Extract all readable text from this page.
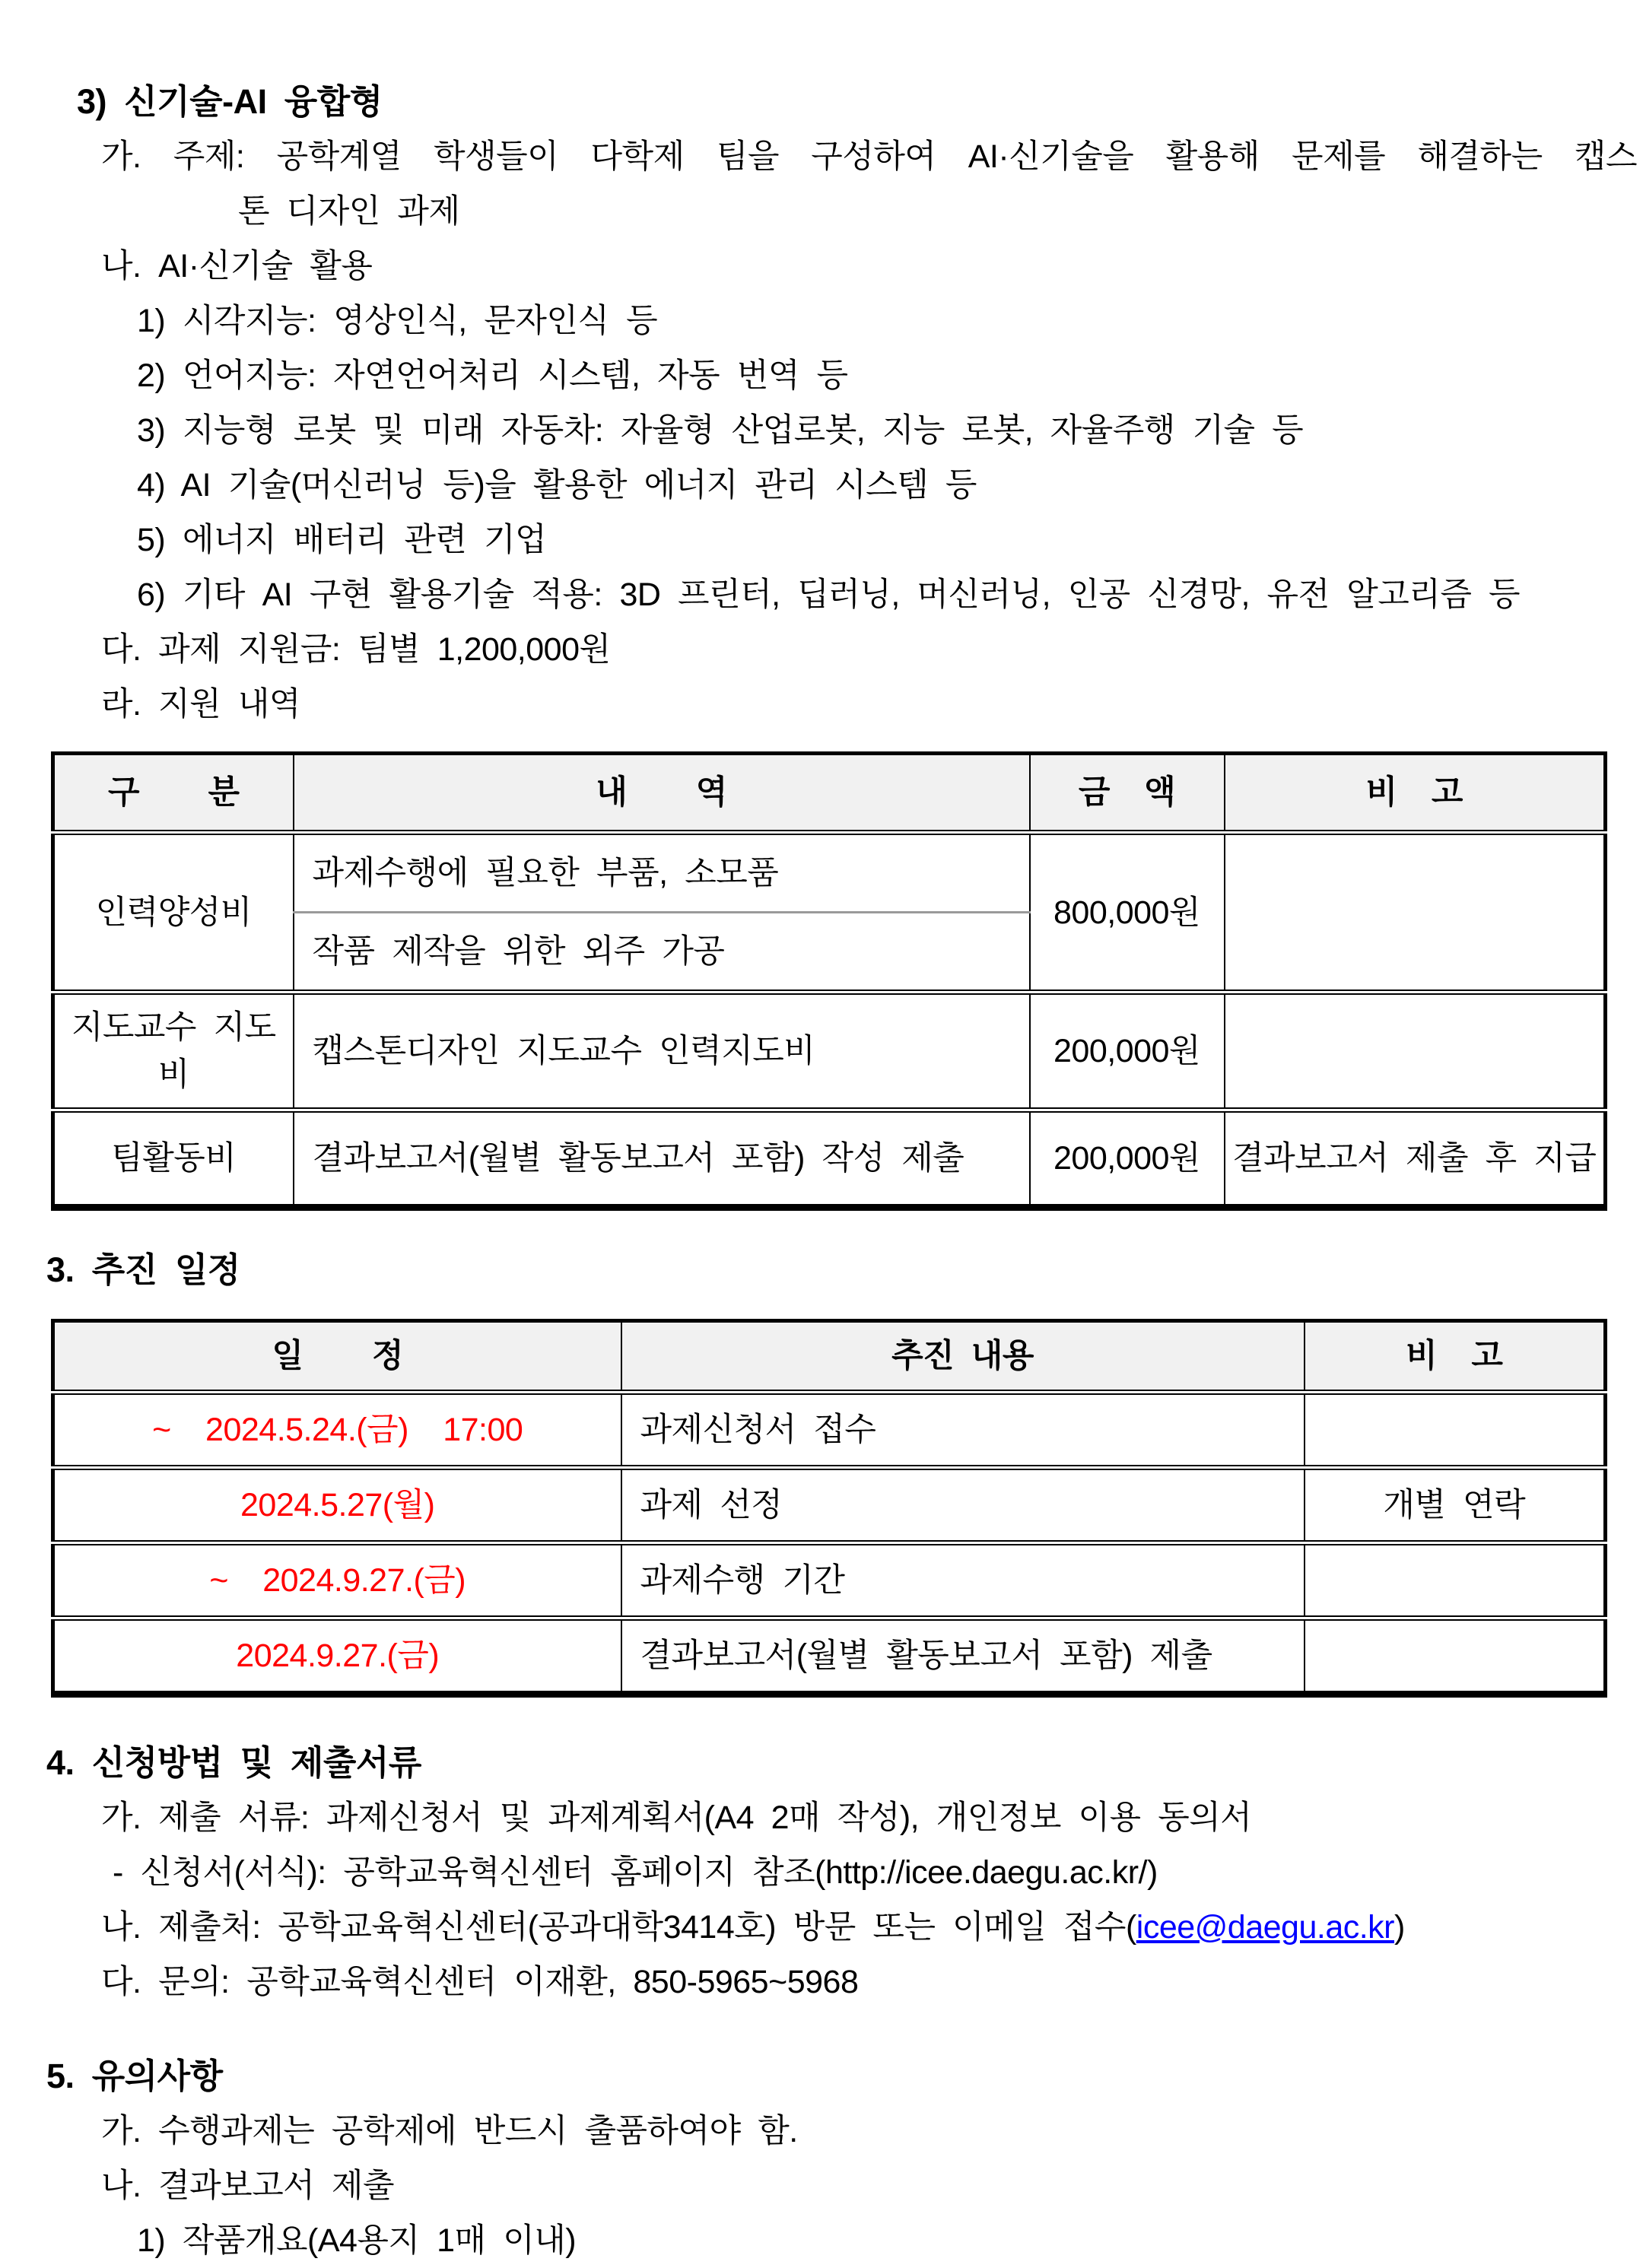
3) 신기술-AI 융합형
가. 주제: 공학계열 학생들이 다학제 팀을 구성하여 AI·신기술을 활용해 문제를 해결하는 캡스
톤 디자인 과제
나. AI·신기술 활용
1) 시각지능: 영상인식, 문자인식 등
2) 언어지능: 자연언어처리 시스템, 자동 번역 등
3) 지능형 로봇 및 미래 자동차: 자율형 산업로봇, 지능 로봇, 자율주행 기술 등
4) AI 기술(머신러닝 등)을 활용한 에너지 관리 시스템 등
5) 에너지 배터리 관련 기업
6) 기타 AI 구현 활용기술 적용: 3D 프린터, 딥러닝, 머신러닝, 인공 신경망, 유전 알고리즘 등
다. 과제 지원금: 팀별 1,200,000원
라. 지원 내역
구    분	내    역	금  액	비  고
인력양성비	과제수행에 필요한 부품, 소모품	800,000원	
	작품 제작을 위한 외주 가공		
지도교수 지도비	캡스톤디자인 지도교수 인력지도비	200,000원	
팀활동비	결과보고서(월별 활동보고서 포함) 작성 제출	200,000원	결과보고서 제출 후 지급
3. 추진 일정
일    정	추진 내용	비  고
~  2024.5.24.(금)  17:00	과제신청서 접수	
2024.5.27(월)	과제 선정	개별 연락
~  2024.9.27.(금)	과제수행 기간	
2024.9.27.(금)	결과보고서(월별 활동보고서 포함) 제출	
4. 신청방법 및 제출서류
가. 제출 서류: 과제신청서 및 과제계획서(A4 2매 작성), 개인정보 이용 동의서
- 신청서(서식): 공학교육혁신센터 홈페이지 참조(http://icee.daegu.ac.kr/)
나. 제출처: 공학교육혁신센터(공과대학3414호) 방문 또는 이메일 접수(icee@daegu.ac.kr)
다. 문의: 공학교육혁신센터 이재환, 850-5965~5968
5. 유의사항
가. 수행과제는 공학제에 반드시 출품하여야 함.
나. 결과보고서 제출
1) 작품개요(A4용지 1매 이내)
